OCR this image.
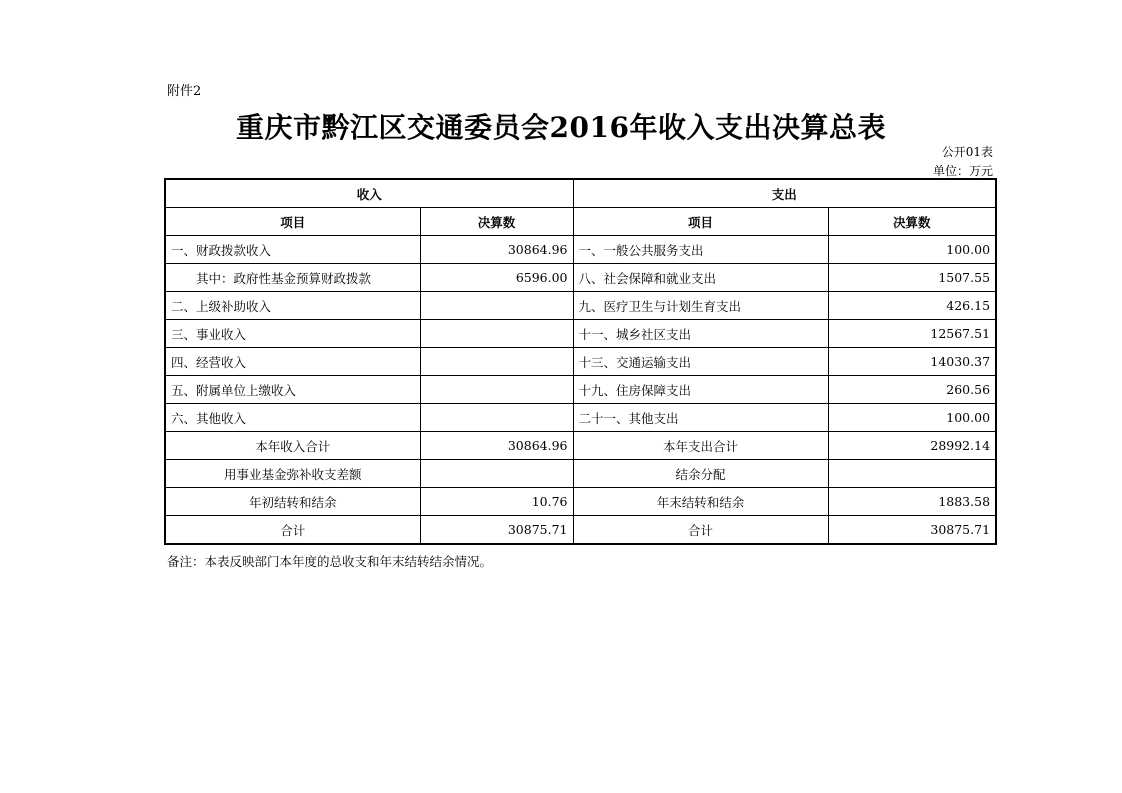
附件2
重庆市黔江区交通委员会2016年收入支出决算总表
公开01表
单位：万元
收入		支出	
项目	决算数	项目	决算数
一、财政拨款收入	30864.96	一、一般公共服务支出	100.00
其中：政府性基金预算财政拨款	6596.00	八、社会保障和就业支出	1507.55
二、上级补助收入		九、医疗卫生与计划生育支出	426.15
三、事业收入		十一、城乡社区支出	12567.51
四、经营收入		十三、交通运输支出	14030.37
五、附属单位上缴收入		十九、住房保障支出	260.56
六、其他收入		二十一、其他支出	100.00
本年收入合计	30864.96	本年支出合计	28992.14
用事业基金弥补收支差额		结余分配	
年初结转和结余	10.76	年末结转和结余	1883.58
合计	30875.71	合计	30875.71
备注：本表反映部门本年度的总收支和年末结转结余情况。
